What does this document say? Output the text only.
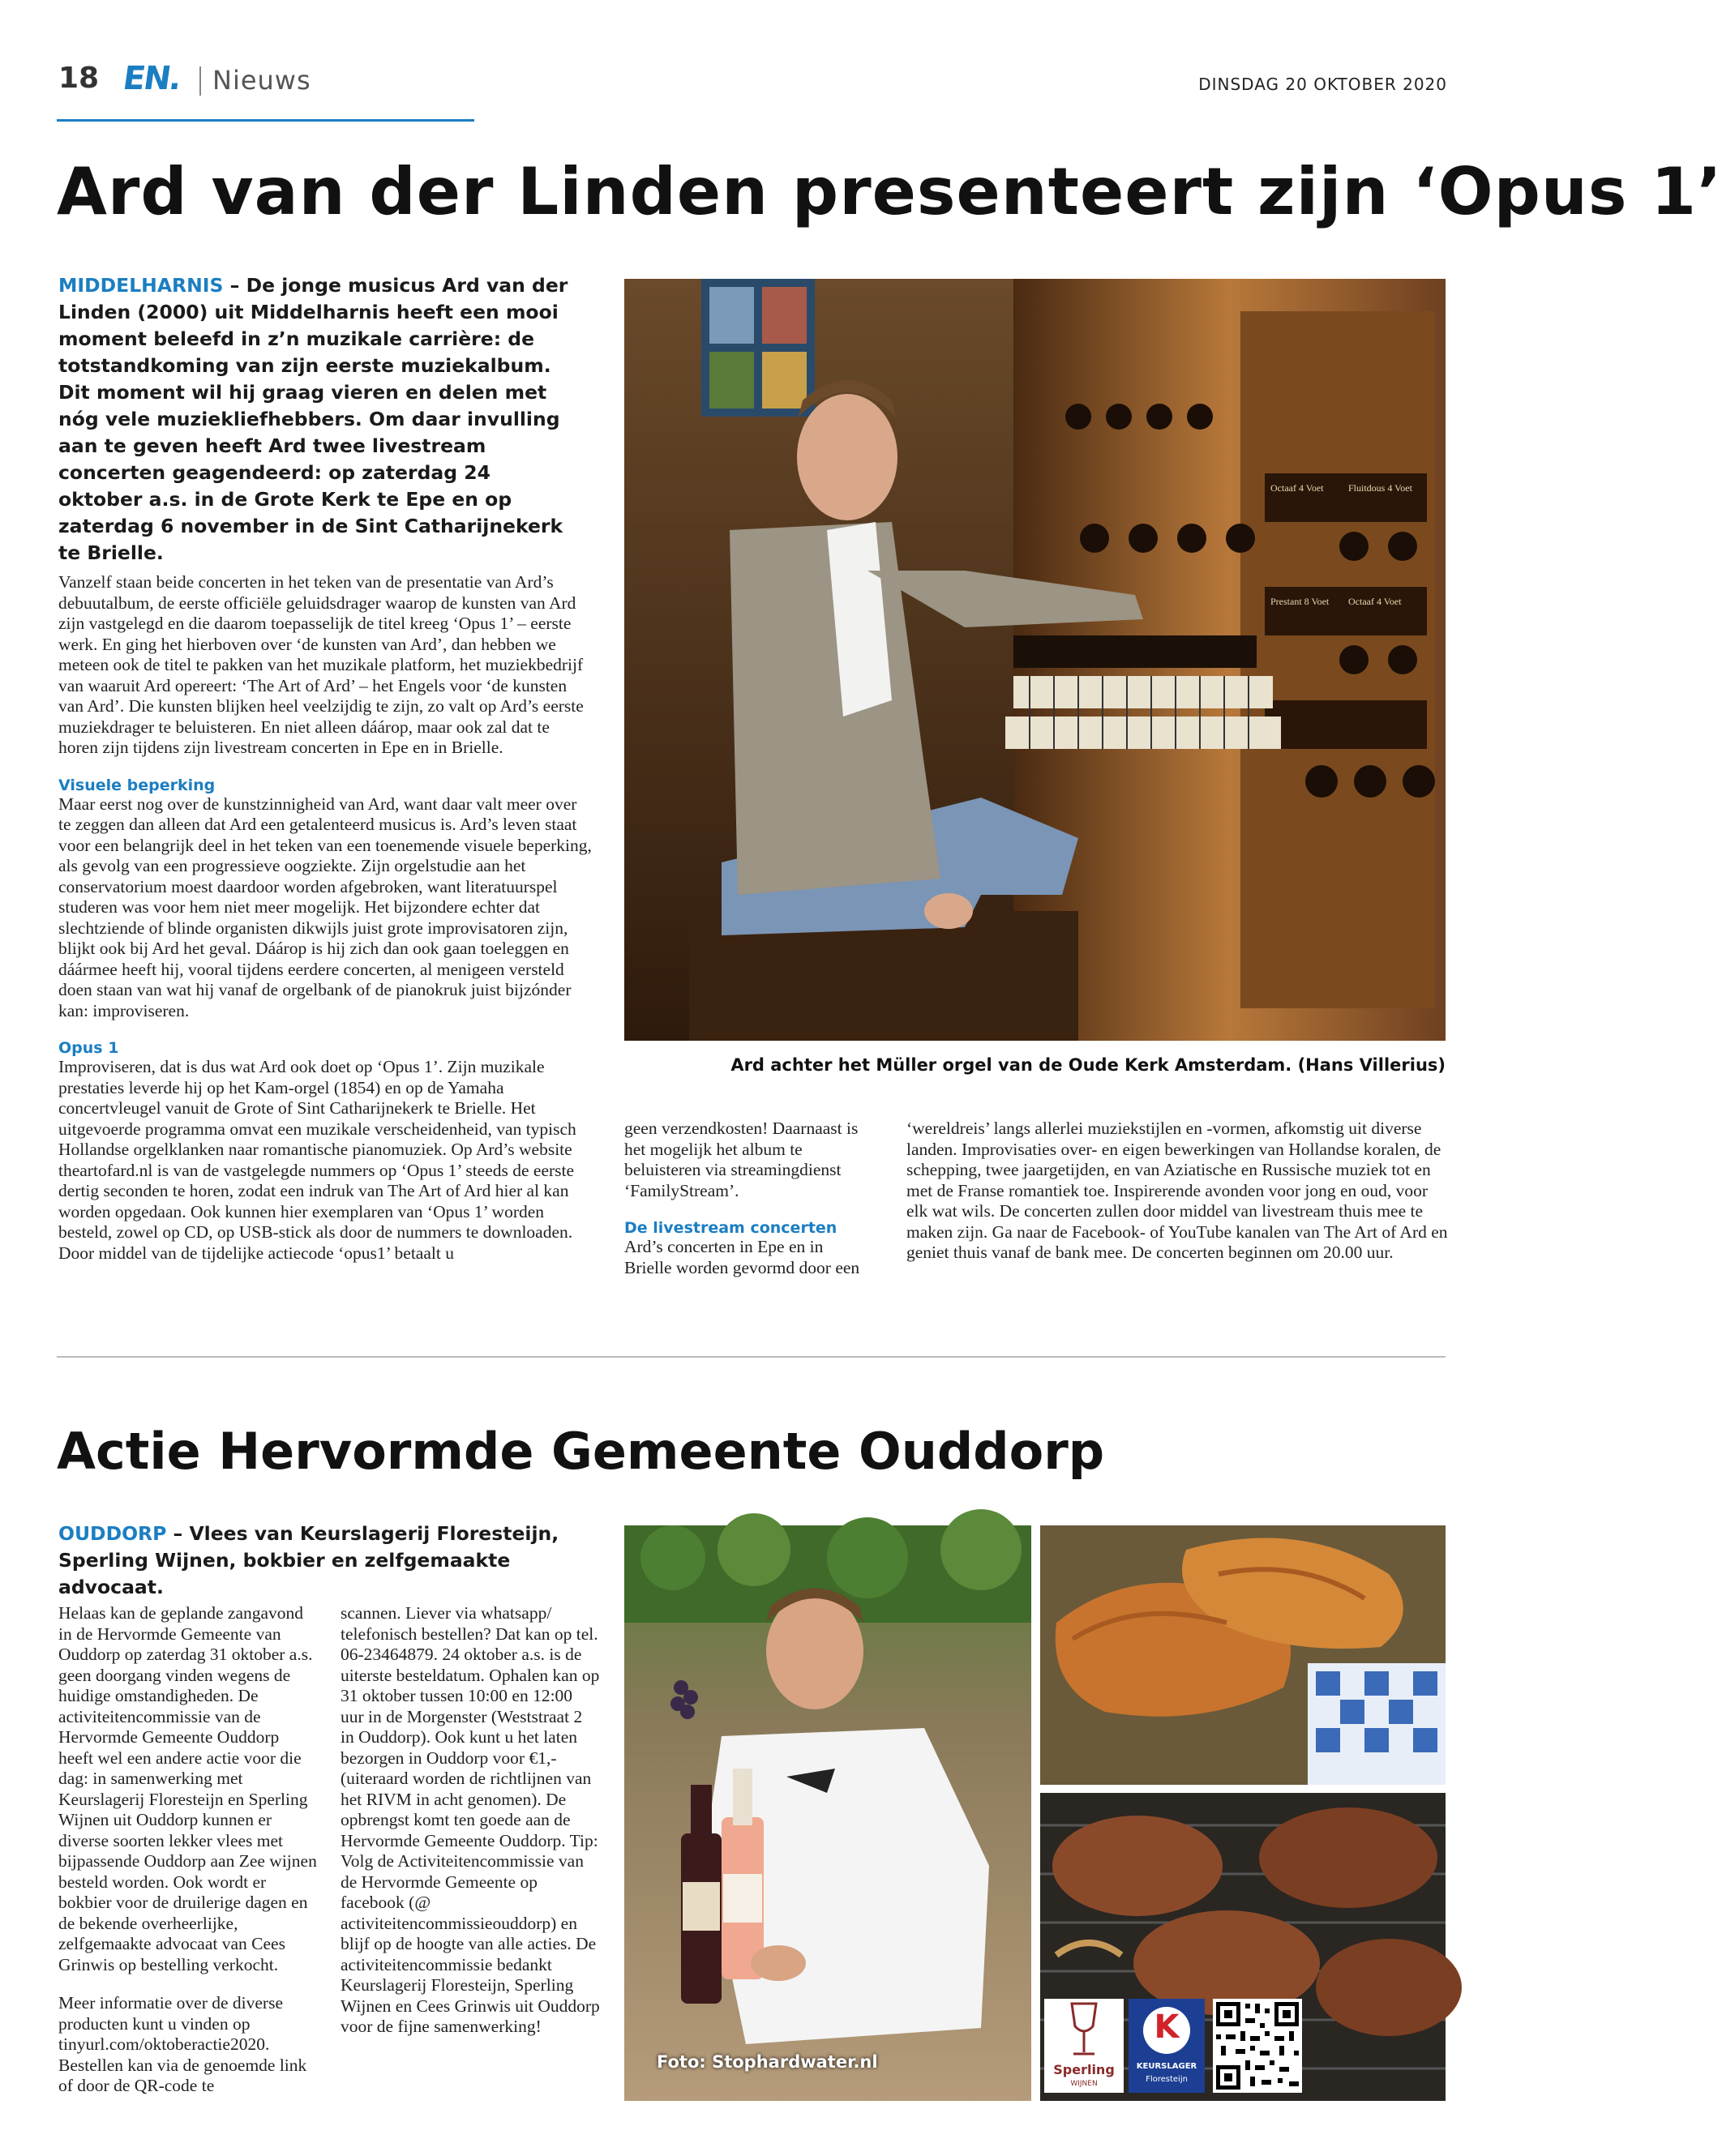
18 EN. Nieuws	DINSDAG 20 OKTOBER 2020
Ard van der Linden presenteert zijn ‘Opus 1’
MIDDELHARNIS – De jonge musicus Ard van der Linden (2000) uit Middelharnis heeft een mooi moment beleefd in z’n muzikale carrière: de totstandkoming van zijn eerste muziekalbum. Dit moment wil hij graag vieren en delen met nóg vele muziekliefhebbers. Om daar invulling aan te geven heeft Ard twee livestream concerten geagendeerd: op zaterdag 24 oktober a.s. in de Grote Kerk te Epe en op zaterdag 6 november in de Sint Catharijnekerk te Brielle.

Vanzelf staan beide concerten in het teken van de presentatie van Ard’s debuutalbum, de eerste officiële geluidsdrager waarop de kunsten van Ard zijn vastgelegd en die daarom toepasselijk de titel kreeg ‘Opus 1’ – eerste werk. En ging het hierboven over ‘de kunsten van Ard’, dan hebben we meteen ook de titel te pakken van het muzikale platform, het muziekbedrijf van waaruit Ard opereert: ‘The Art of Ard’ – het Engels voor ‘de kunsten van Ard’. Die kunsten blijken heel veelzijdig te zijn, zo valt op Ard’s eerste muziekdrager te beluisteren. En niet alleen dáárop, maar ook zal dat te horen zijn tijdens zijn livestream concerten in Epe en in Brielle.

Visuele beperking

Maar eerst nog over de kunstzinnigheid van Ard, want daar valt meer over te zeggen dan alleen dat Ard een getalenteerd musicus is. Ard’s leven staat voor een belangrijk deel in het teken van een toenemende visuele beperking, als gevolg van een progressieve oogziekte. Zijn orgelstudie aan het conservatorium moest daardoor worden afgebroken, want literatuurspel studeren was voor hem niet meer mogelijk. Het bijzondere echter dat slechtziende of blinde organisten dikwijls juist grote improvisatoren zijn, blijkt ook bij Ard het geval. Dáárop is hij zich dan ook gaan toeleggen en dáármee heeft hij, vooral tijdens eerdere concerten, al menigeen versteld doen staan van wat hij vanaf de orgelbank of de pianokruk juist bijzónder kan: improviseren.

Opus 1

Improviseren, dat is dus wat Ard ook doet op ‘Opus 1’. Zijn muzikale prestaties leverde hij op het Kam-orgel (1854) en op de Yamaha concertvleugel vanuit de Grote of Sint Catharijnekerk te Brielle. Het uitgevoerde programma omvat een muzikale verscheidenheid, van typisch Hollandse orgelklanken naar romantische pianomuziek. Op Ard’s website theartofard.nl is van de vastgelegde nummers op ‘Opus 1’ steeds de eerste dertig seconden te horen, zodat een indruk van The Art of Ard hier al kan worden opgedaan. Ook kunnen hier exemplaren van ‘Opus 1’ worden besteld, zowel op CD, op USB-stick als door de nummers te downloaden. Door middel van de tijdelijke actiecode ‘opus1’ betaalt u

Octaaf 4 Voet	Fluitdous 4 Voet
Prestant 8 Voet Octaaf 4 Voet
Ard achter het Müller orgel van de Oude Kerk Amsterdam. (Hans Villerius)

geen verzendkosten! Daarnaast is het mogelijk het album te beluisteren via streamingdienst ‘FamilyStream’.

De livestream concerten

Ard’s concerten in Epe en in Brielle worden gevormd door een

‘wereldreis’ langs allerlei muziekstijlen en -vormen, afkomstig uit diverse landen. Improvisaties over- en eigen bewerkingen van Hollandse koralen, de schepping, twee jaargetijden, en van Aziatische en Russische muziek tot en met de Franse romantiek toe. Inspirerende avonden voor jong en oud, voor elk wat wils. De concerten zullen door middel van livestream thuis mee te maken zijn. Ga naar de Facebook- of YouTube kanalen van The Art of Ard en geniet thuis vanaf de bank mee. De concerten beginnen om 20.00 uur.

Actie Hervormde Gemeente Ouddorp
OUDDORP – Vlees van Keurslagerij Floresteijn, Sperling Wijnen, bokbier en zelfgemaakte advocaat.

Helaas kan de geplande zangavond in de Hervormde Gemeente van Ouddorp op zaterdag 31 oktober a.s. geen doorgang vinden wegens de huidige omstandigheden. De activiteitencommissie van de Hervormde Gemeente Ouddorp heeft wel een andere actie voor die dag: in samenwerking met Keurslagerij Floresteijn en Sperling Wijnen uit Ouddorp kunnen er diverse soorten lekker vlees met bijpassende Ouddorp aan Zee wijnen besteld worden. Ook wordt er bokbier voor de druilerige dagen en de bekende overheerlijke, zelfgemaakte advocaat van Cees Grinwis op bestelling verkocht.

Meer informatie over de diverse producten kunt u vinden op tinyurl.com/oktoberactie2020. Bestellen kan via de genoemde link of door de QR-code te

scannen. Liever via whatsapp/ telefonisch bestellen? Dat kan op tel. 06-23464879. 24 oktober a.s. is de uiterste besteldatum. Ophalen kan op 31 oktober tussen 10:00 en 12:00 uur in de Morgenster (Weststraat 2 in Ouddorp). Ook kunt u het laten bezorgen in Ouddorp voor €1,- (uiteraard worden de richtlijnen van het RIVM in acht genomen). De opbrengst komt ten goede aan de Hervormde Gemeente Ouddorp. Tip: Volg de Activiteitencommissie van de Hervormde Gemeente op facebook (@ activiteitencommissieouddorp) en blijf op de hoogte van alle acties. De activiteitencommissie bedankt Keurslagerij Floresteijn, Sperling Wijnen en Cees Grinwis uit Ouddorp voor de fijne samenwerking!

Foto: Stophardwater.nl	Sperling
WIJNEN
K
KEURSLAGER
Floresteijn
